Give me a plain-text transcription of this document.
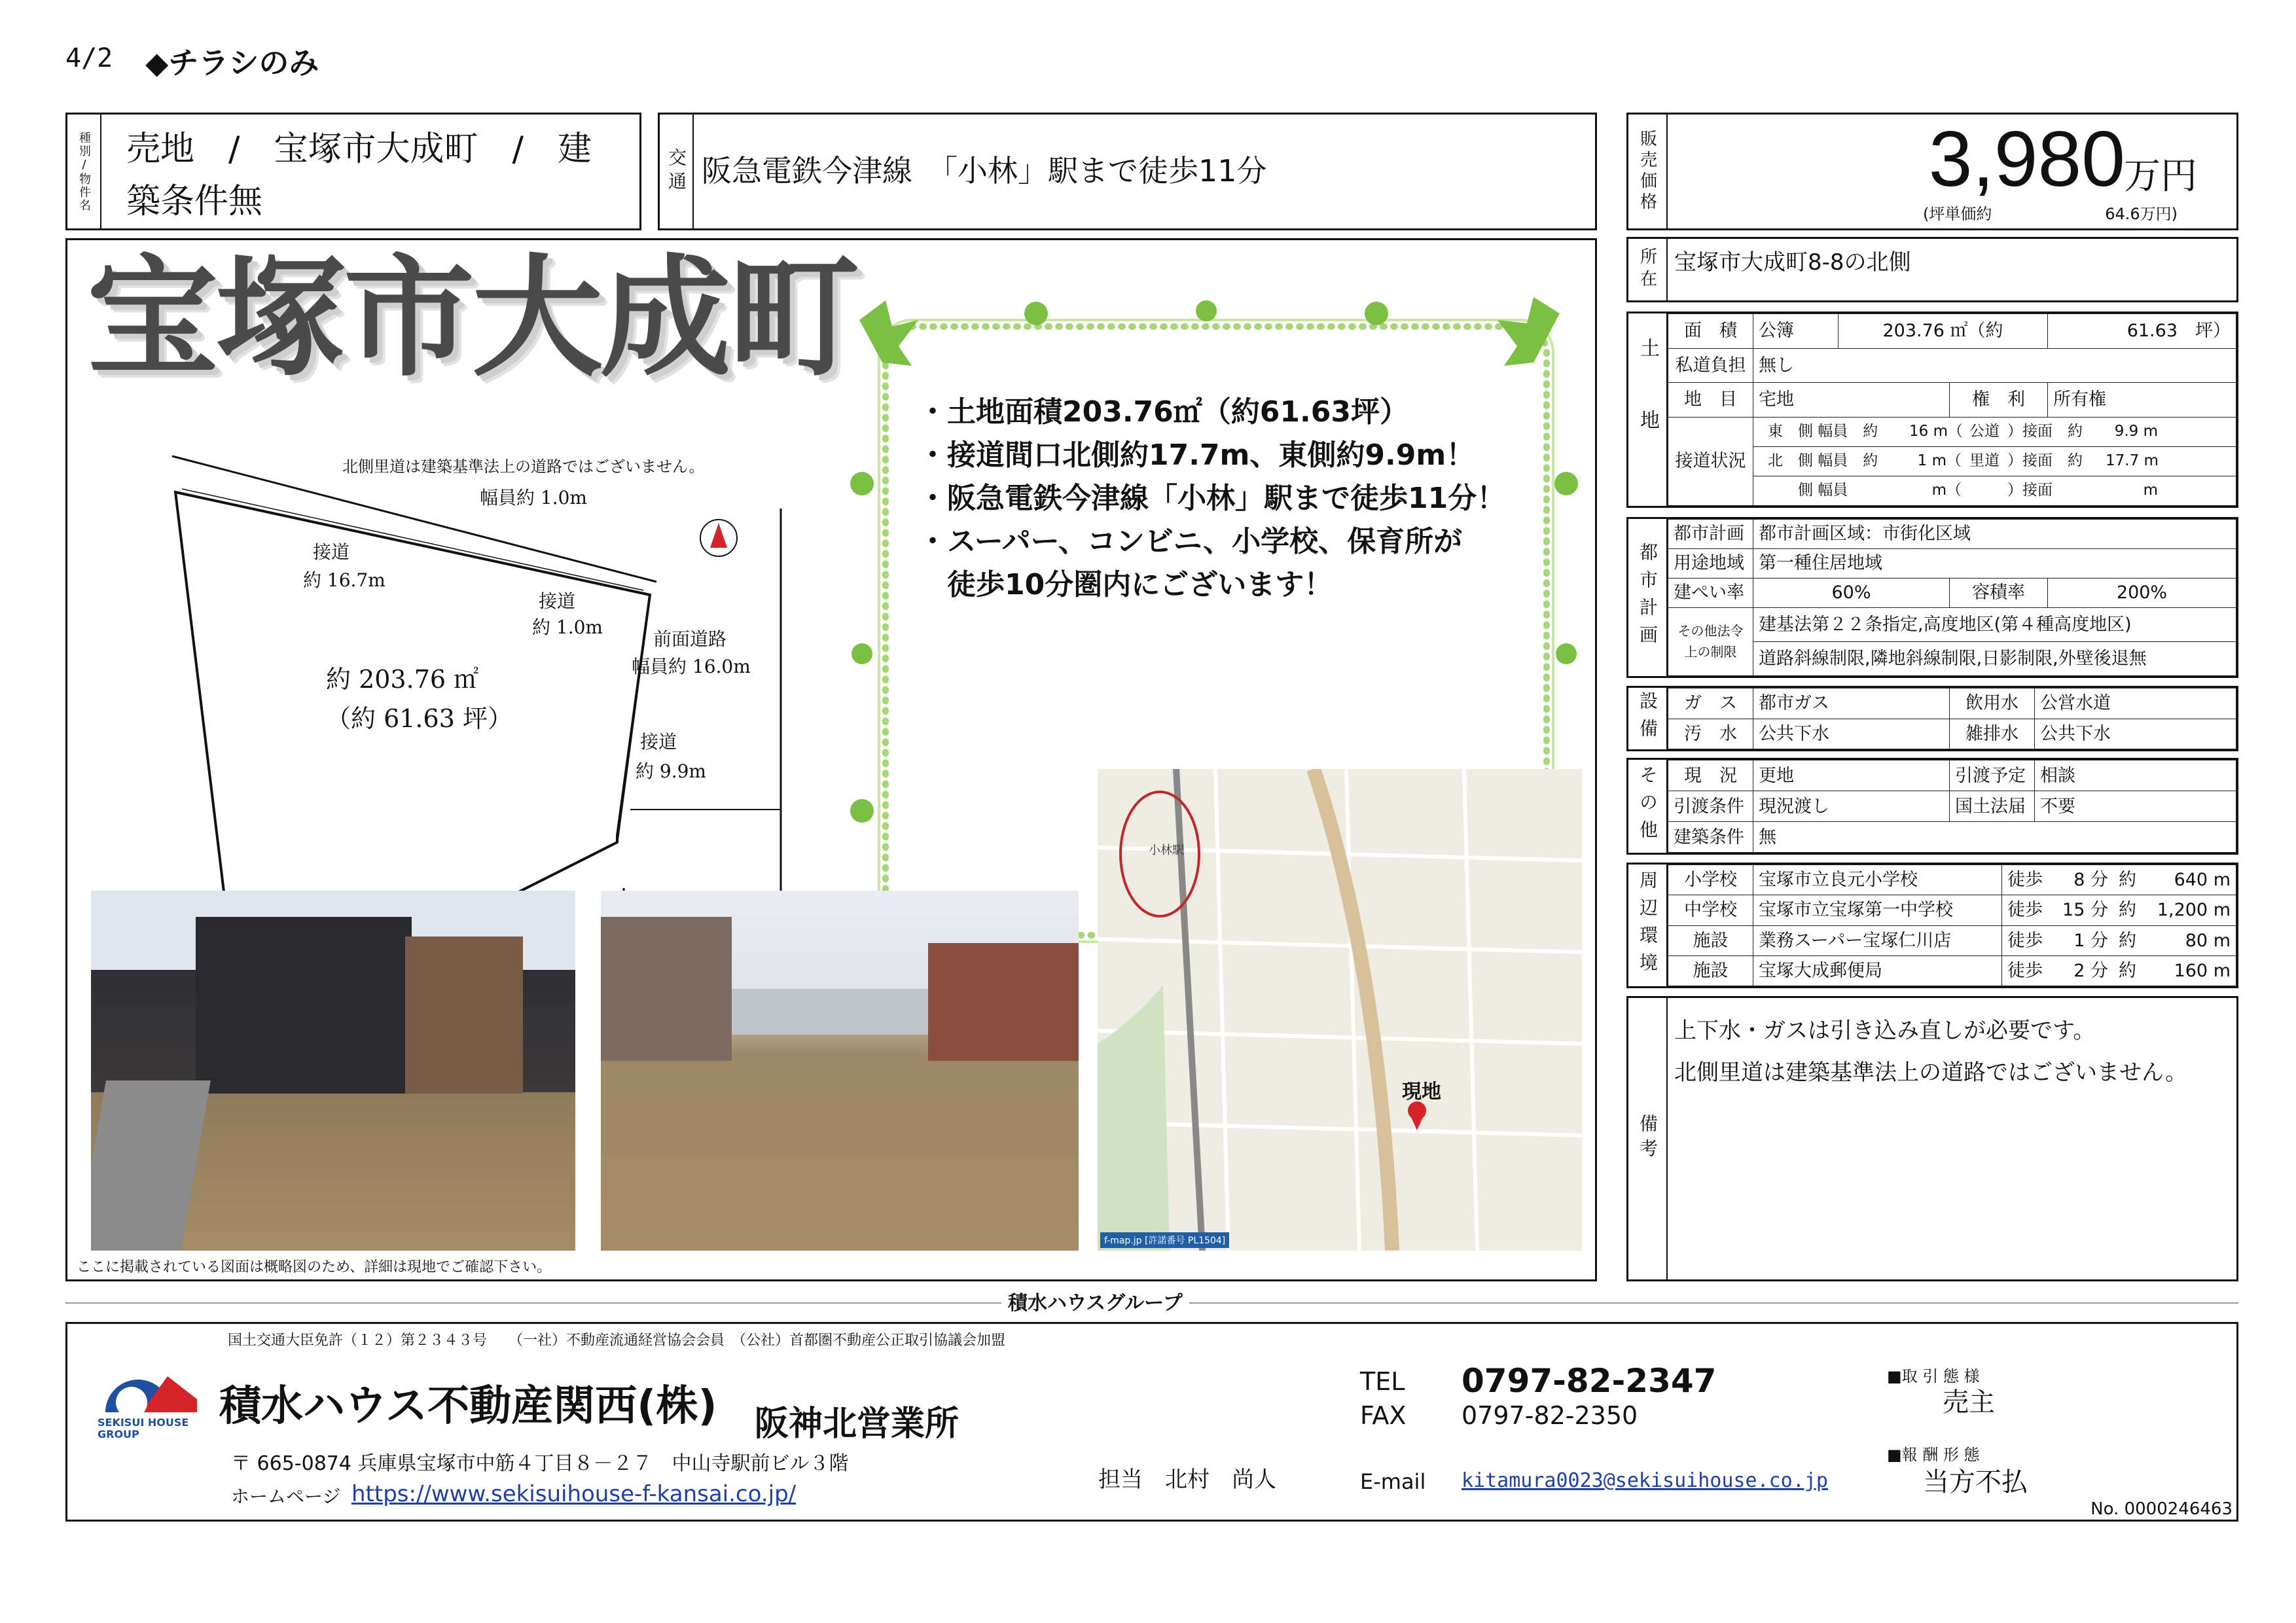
4/2 ◆チラシのみ
種別/物件名	売地　/　宝塚市大成町　/　建
築条件無
交通 阪急電鉄今津線　「小林」駅まで徒歩11分	販売価格	3,980
万円
(坪単価約	64.6万円)
所在 宝塚市大成町8-8の北側
土地
面　積	公簿	203.76 ㎡（約		61.63　坪）
私道負担	無し			
地　目	宅地		権　利	所有権
接道状況	東　側 幅員　約 16 m（ 公道 ）接面　約 9.9 m			
	北　側 幅員　約 1 m（ 里道 ）接面　約 17.7 m			
	側 幅員 m（ ）接面 m			
都市計画
都市計画	都市計画区域：市街化区域		
用途地域	第一種住居地域		
建ぺい率	60%	容積率	200%

その他法令
上の制限	建基法第２２条指定,高度地区(第４種高度地区)		
	道路斜線制限,隣地斜線制限,日影制限,外壁後退無		
設備	ガ　ス	都市ガス	飲用水	公営水道
汚　水	公共下水	雑排水	公共下水
その他	現　況	更地	引渡予定	相談
引渡条件	現況渡し	国土法届	不要
建築条件	無		
周辺環境	小学校	宝塚市立良元小学校	徒歩	8 分	約	640 m
中学校	宝塚市立宝塚第一中学校	徒歩	15 分	約	1,200 m
施設	業務スーパー宝塚仁川店	徒歩	1 分	約	80 m
施設	宝塚大成郵便局	徒歩	2 分	約	160 m
備考
上下水・ガスは引き込み直しが必要です。
北側里道は建築基準法上の道路ではございません。
宝塚市大成町
・土地面積203.76㎡（約61.63坪）
・接道間口北側約17.7m、東側約9.9m！
・阪急電鉄今津線「小林」駅まで徒歩11分！
・スーパー、コンビニ、小学校、保育所が
　徒歩10分圏内にございます！
北側里道は建築基準法上の道路ではございません。
幅員約 1.0m
接道
約 16.7m
接道
約 1.0m
前面道路
幅員約 16.0m
約 203.76 ㎡
（約 61.63 坪）
接道
約 9.9m
小林駅
現地
f-map.jp [許諾番号 PL1504]
ここに掲載されている図面は概略図のため、詳細は現地でご確認下さい。
積水ハウスグループ
国土交通大臣免許（１２）第２３４３号　　（一社）不動産流通経営協会会員　（公社）首都圏不動産公正取引協議会加盟
SEKISUI HOUSE GROUP
積水ハウス不動産関西(株) 阪神北営業所
〒 665-0874 兵庫県宝塚市中筋４丁目８－２７　中山寺駅前ビル３階
ホームページ https://www.sekisuihouse-f-kansai.co.jp/
担当　北村　尚人
TEL 0797-82-2347
FAX 0797-82-2350
E-mail kitamura0023@sekisuihouse.co.jp
■取 引 態 様
売主
■報 酬 形 態
当方不払
No. 0000246463
